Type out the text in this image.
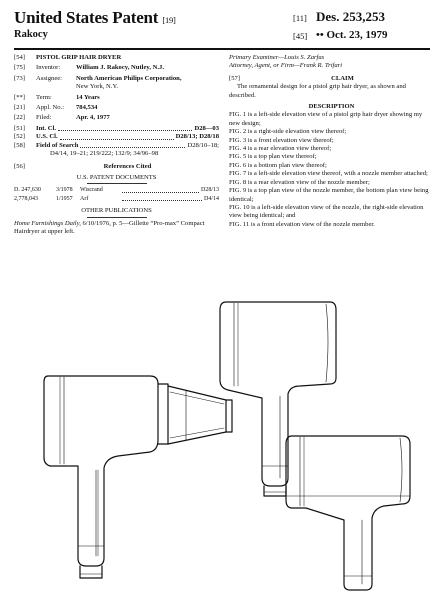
United States Patent [19]
Rakocy
[11] Des. 253,253
[45] •• Oct. 23, 1979
[54]	PISTOL GRIP HAIR DRYER
[75]	Inventor:	William J. Rakocy, Nutley, N.J.
[73]	Assignee:	North American Philips Corporation,
New York, N.Y.
[**]	Term:	14 Years
[21]	Appl. No.:	784,534
[22]	Filed:	Apr. 4, 1977
[51]	Int. Cl.	D28—03
[52]	U.S. Cl.	D28/13; D28/18
[58]	Field of Search	D28/10–18;
D4/14, 19–21; 219/222; 132/9; 34/96–98
[56]	References Cited
U.S. PATENT DOCUMENTS
D. 247,630	3/1978	Wiscrand	D28/13
2,778,043	1/1957	Arf	D4/14
OTHER PUBLICATIONS
Home Furnishings Daily, 6/10/1976, p. 5—Gillette “Pro-max” Compact Hairdryer at upper left.
Primary Examiner—Louis S. Zarfas
Attorney, Agent, or Firm—Frank R. Trifari
[57]	CLAIM
The ornamental design for a pistol grip hair dryer, as shown and described.
DESCRIPTION
FIG. 1 is a left-side elevation view of a pistol grip hair dryer showing my new design;
FIG. 2 is a right-side elevation view thereof;
FIG. 3 is a front elevation view thereof;
FIG. 4 is a rear elevation view thereof;
FIG. 5 is a top plan view thereof;
FIG. 6 is a bottom plan view thereof;
FIG. 7 is a left-side elevation view thereof, with a nozzle member attached;
FIG. 8 is a rear elevation view of the nozzle member;
FIG. 9 is a top plan view of the nozzle member, the bottom plan view being identical;
FIG. 10 is a left-side elevation view of the nozzle, the right-side elevation view being identical; and
FIG. 11 is a front elevation view of the nozzle member.
